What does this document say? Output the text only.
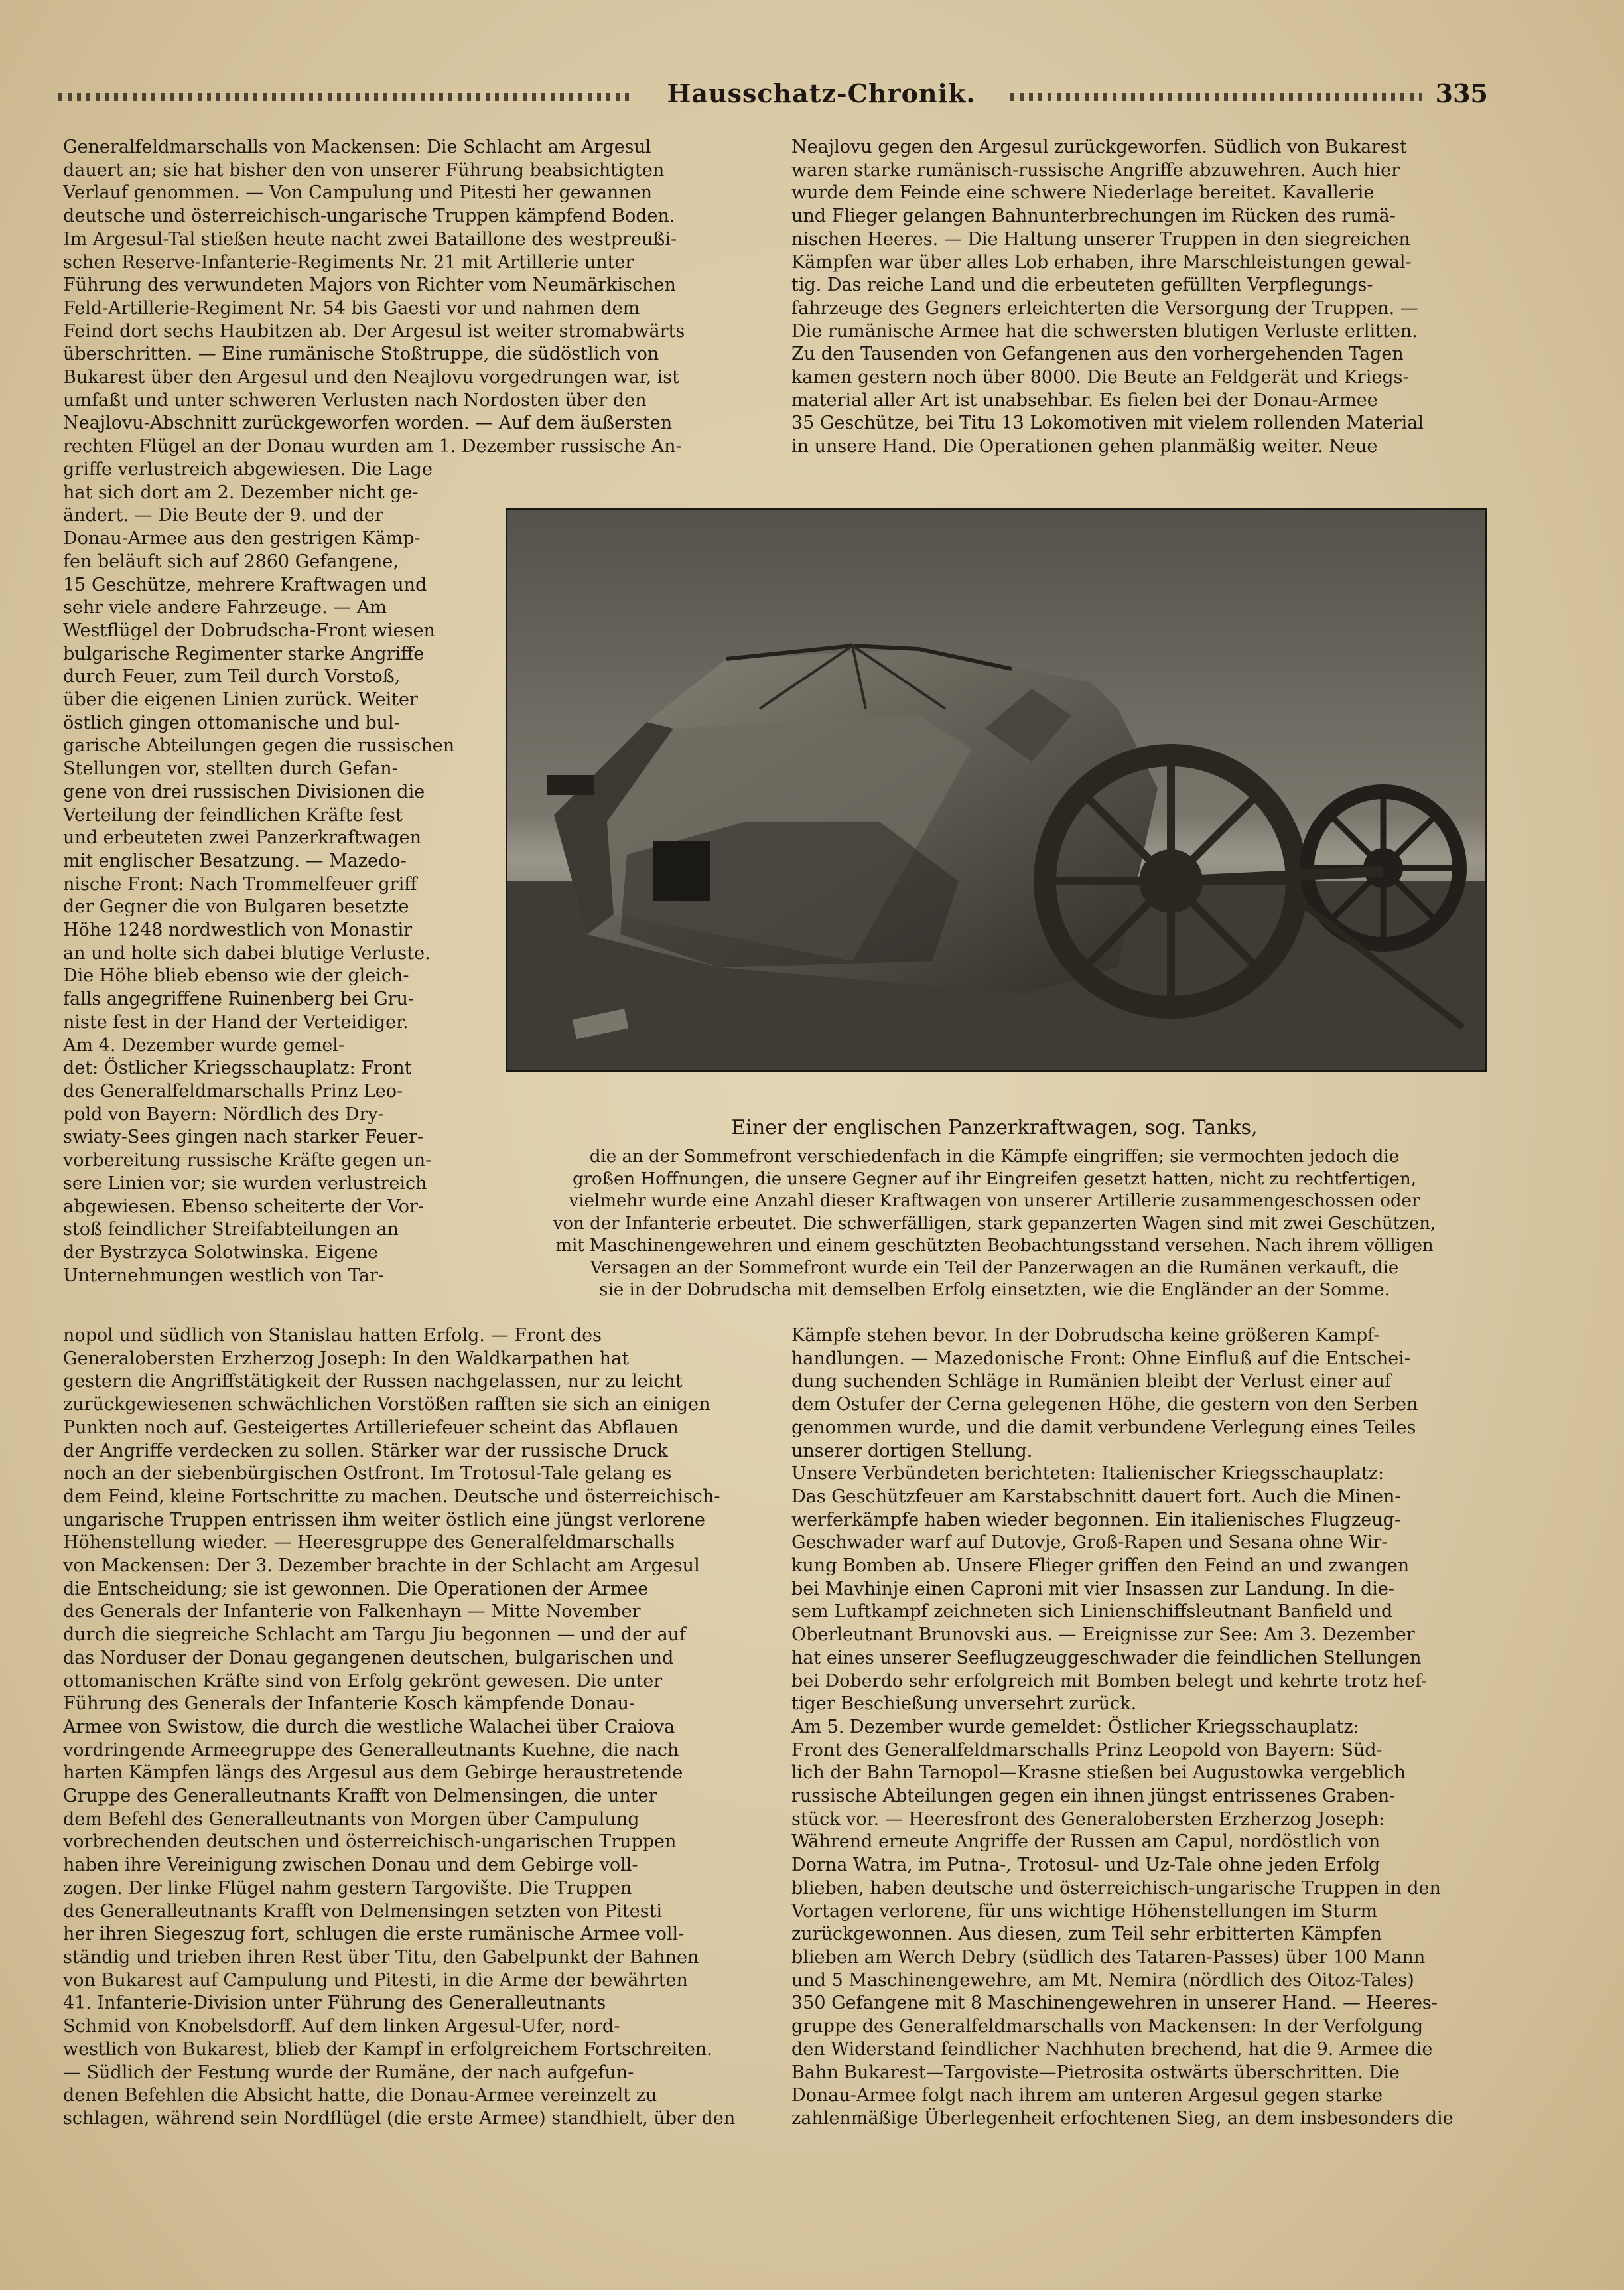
Hausschatz-Chronik.	335
Generalfeldmarschalls von Mackensen: Die Schlacht am Argesul
dauert an; sie hat bisher den von unserer Führung beabsichtigten
Verlauf genommen. — Von Campulung und Pitesti her gewannen
deutsche und österreichisch-ungarische Truppen kämpfend Boden.
Im Argesul-Tal stießen heute nacht zwei Bataillone des westpreußi-
schen Reserve-Infanterie-Regiments Nr. 21 mit Artillerie unter
Führung des verwundeten Majors von Richter vom Neumärkischen
Feld-Artillerie-Regiment Nr. 54 bis Gaesti vor und nahmen dem
Feind dort sechs Haubitzen ab. Der Argesul ist weiter stromabwärts
überschritten. — Eine rumänische Stoßtruppe, die südöstlich von
Bukarest über den Argesul und den Neajlovu vorgedrungen war, ist
umfaßt und unter schweren Verlusten nach Nordosten über den
Neajlovu-Abschnitt zurückgeworfen worden. — Auf dem äußersten
rechten Flügel an der Donau wurden am 1. Dezember russische An-
griffe verlustreich abgewiesen. Die Lage
hat sich dort am 2. Dezember nicht ge-
ändert. — Die Beute der 9. und der
Donau-Armee aus den gestrigen Kämp-
fen beläuft sich auf 2860 Gefangene,
15 Geschütze, mehrere Kraftwagen und
sehr viele andere Fahrzeuge. — Am
Westflügel der Dobrudscha-Front wiesen
bulgarische Regimenter starke Angriffe
durch Feuer, zum Teil durch Vorstoß,
über die eigenen Linien zurück. Weiter
östlich gingen ottomanische und bul-
garische Abteilungen gegen die russischen
Stellungen vor, stellten durch Gefan-
gene von drei russischen Divisionen die
Verteilung der feindlichen Kräfte fest
und erbeuteten zwei Panzerkraftwagen
mit englischer Besatzung. — Mazedo-
nische Front: Nach Trommelfeuer griff
der Gegner die von Bulgaren besetzte
Höhe 1248 nordwestlich von Monastir
an und holte sich dabei blutige Verluste.
Die Höhe blieb ebenso wie der gleich-
falls angegriffene Ruinenberg bei Gru-
niste fest in der Hand der Verteidiger.
Am 4. Dezember wurde gemel-
det: Östlicher Kriegsschauplatz: Front
des Generalfeldmarschalls Prinz Leo-
pold von Bayern: Nördlich des Dry-
swiaty-Sees gingen nach starker Feuer-
vorbereitung russische Kräfte gegen un-
sere Linien vor; sie wurden verlustreich
abgewiesen. Ebenso scheiterte der Vor-
stoß feindlicher Streifabteilungen an
der Bystrzyca Solotwinska. Eigene
Unternehmungen westlich von Tar-
nopol und südlich von Stanislau hatten Erfolg. — Front des
Generalobersten Erzherzog Joseph: In den Waldkarpathen hat
gestern die Angriffstätigkeit der Russen nachgelassen, nur zu leicht
zurückgewiesenen schwächlichen Vorstößen rafften sie sich an einigen
Punkten noch auf. Gesteigertes Artilleriefeuer scheint das Abflauen
der Angriffe verdecken zu sollen. Stärker war der russische Druck
noch an der siebenbürgischen Ostfront. Im Trotosul-Tale gelang es
dem Feind, kleine Fortschritte zu machen. Deutsche und österreichisch-
ungarische Truppen entrissen ihm weiter östlich eine jüngst verlorene
Höhenstellung wieder. — Heeresgruppe des Generalfeldmarschalls
von Mackensen: Der 3. Dezember brachte in der Schlacht am Argesul
die Entscheidung; sie ist gewonnen. Die Operationen der Armee
des Generals der Infanterie von Falkenhayn — Mitte November
durch die siegreiche Schlacht am Targu Jiu begonnen — und der auf
das Norduser der Donau gegangenen deutschen, bulgarischen und
ottomanischen Kräfte sind von Erfolg gekrönt gewesen. Die unter
Führung des Generals der Infanterie Kosch kämpfende Donau-
Armee von Swistow, die durch die westliche Walachei über Craiova
vordringende Armeegruppe des Generalleutnants Kuehne, die nach
harten Kämpfen längs des Argesul aus dem Gebirge heraustretende
Gruppe des Generalleutnants Krafft von Delmensingen, die unter
dem Befehl des Generalleutnants von Morgen über Campulung
vorbrechenden deutschen und österreichisch-ungarischen Truppen
haben ihre Vereinigung zwischen Donau und dem Gebirge voll-
zogen. Der linke Flügel nahm gestern Targovište. Die Truppen
des Generalleutnants Krafft von Delmensingen setzten von Pitesti
her ihren Siegeszug fort, schlugen die erste rumänische Armee voll-
ständig und trieben ihren Rest über Titu, den Gabelpunkt der Bahnen
von Bukarest auf Campulung und Pitesti, in die Arme der bewährten
41. Infanterie-Division unter Führung des Generalleutnants
Schmid von Knobelsdorff. Auf dem linken Argesul-Ufer, nord-
westlich von Bukarest, blieb der Kampf in erfolgreichem Fortschreiten.
— Südlich der Festung wurde der Rumäne, der nach aufgefun-
denen Befehlen die Absicht hatte, die Donau-Armee vereinzelt zu
schlagen, während sein Nordflügel (die erste Armee) standhielt, über den
Neajlovu gegen den Argesul zurückgeworfen. Südlich von Bukarest
waren starke rumänisch-russische Angriffe abzuwehren. Auch hier
wurde dem Feinde eine schwere Niederlage bereitet. Kavallerie
und Flieger gelangen Bahnunterbrechungen im Rücken des rumä-
nischen Heeres. — Die Haltung unserer Truppen in den siegreichen
Kämpfen war über alles Lob erhaben, ihre Marschleistungen gewal-
tig. Das reiche Land und die erbeuteten gefüllten Verpflegungs-
fahrzeuge des Gegners erleichterten die Versorgung der Truppen. —
Die rumänische Armee hat die schwersten blutigen Verluste erlitten.
Zu den Tausenden von Gefangenen aus den vorhergehenden Tagen
kamen gestern noch über 8000. Die Beute an Feldgerät und Kriegs-
material aller Art ist unabsehbar. Es fielen bei der Donau-Armee
35 Geschütze, bei Titu 13 Lokomotiven mit vielem rollenden Material
in unsere Hand. Die Operationen gehen planmäßig weiter. Neue
Kämpfe stehen bevor. In der Dobrudscha keine größeren Kampf-
handlungen. — Mazedonische Front: Ohne Einfluß auf die Entschei-
dung suchenden Schläge in Rumänien bleibt der Verlust einer auf
dem Ostufer der Cerna gelegenen Höhe, die gestern von den Serben
genommen wurde, und die damit verbundene Verlegung eines Teiles
unserer dortigen Stellung.
Unsere Verbündeten berichteten: Italienischer Kriegsschauplatz:
Das Geschützfeuer am Karstabschnitt dauert fort. Auch die Minen-
werferkämpfe haben wieder begonnen. Ein italienisches Flugzeug-
Geschwader warf auf Dutovje, Groß-Rapen und Sesana ohne Wir-
kung Bomben ab. Unsere Flieger griffen den Feind an und zwangen
bei Mavhinje einen Caproni mit vier Insassen zur Landung. In die-
sem Luftkampf zeichneten sich Linienschiffsleutnant Banfield und
Oberleutnant Brunovski aus. — Ereignisse zur See: Am 3. Dezember
hat eines unserer Seeflugzeuggeschwader die feindlichen Stellungen
bei Doberdo sehr erfolgreich mit Bomben belegt und kehrte trotz hef-
tiger Beschießung unversehrt zurück.
Am 5. Dezember wurde gemeldet: Östlicher Kriegsschauplatz:
Front des Generalfeldmarschalls Prinz Leopold von Bayern: Süd-
lich der Bahn Tarnopol—Krasne stießen bei Augustowka vergeblich
russische Abteilungen gegen ein ihnen jüngst entrissenes Graben-
stück vor. — Heeresfront des Generalobersten Erzherzog Joseph:
Während erneute Angriffe der Russen am Capul, nordöstlich von
Dorna Watra, im Putna-, Trotosul- und Uz-Tale ohne jeden Erfolg
blieben, haben deutsche und österreichisch-ungarische Truppen in den
Vortagen verlorene, für uns wichtige Höhenstellungen im Sturm
zurückgewonnen. Aus diesen, zum Teil sehr erbitterten Kämpfen
blieben am Werch Debry (südlich des Tataren-Passes) über 100 Mann
und 5 Maschinengewehre, am Mt. Nemira (nördlich des Oitoz-Tales)
350 Gefangene mit 8 Maschinengewehren in unserer Hand. — Heeres-
gruppe des Generalfeldmarschalls von Mackensen: In der Verfolgung
den Widerstand feindlicher Nachhuten brechend, hat die 9. Armee die
Bahn Bukarest—Targoviste—Pietrosita ostwärts überschritten. Die
Donau-Armee folgt nach ihrem am unteren Argesul gegen starke
zahlenmäßige Überlegenheit erfochtenen Sieg, an dem insbesonders die
Einer der englischen Panzerkraftwagen, sog. Tanks,
die an der Sommefront verschiedenfach in die Kämpfe eingriffen; sie vermochten jedoch die
großen Hoffnungen, die unsere Gegner auf ihr Eingreifen gesetzt hatten, nicht zu rechtfertigen,
vielmehr wurde eine Anzahl dieser Kraftwagen von unserer Artillerie zusammengeschossen oder
von der Infanterie erbeutet. Die schwerfälligen, stark gepanzerten Wagen sind mit zwei Geschützen,
mit Maschinengewehren und einem geschützten Beobachtungsstand versehen. Nach ihrem völligen
Versagen an der Sommefront wurde ein Teil der Panzerwagen an die Rumänen verkauft, die
sie in der Dobrudscha mit demselben Erfolg einsetzten, wie die Engländer an der Somme.
